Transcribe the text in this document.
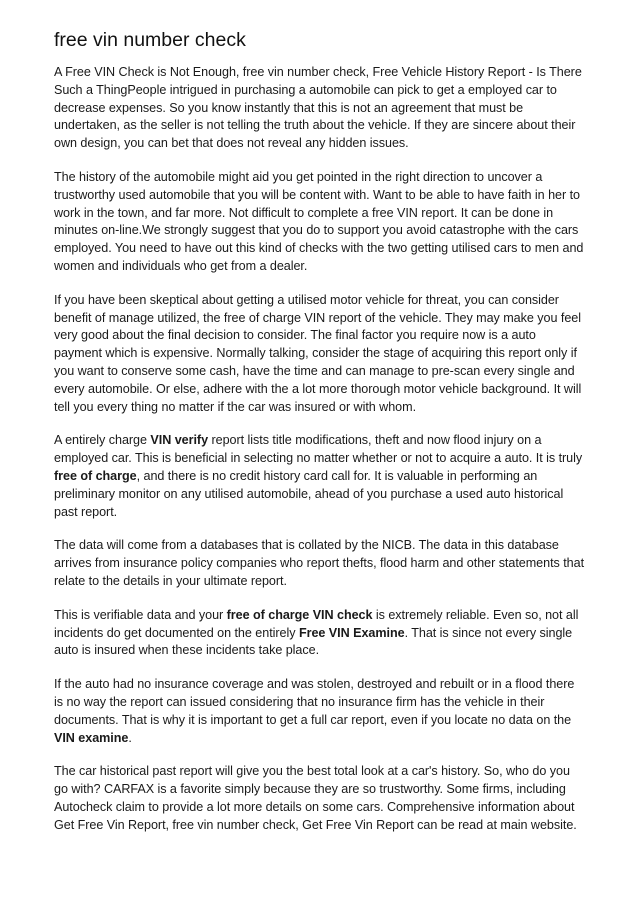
free vin number check

A Free VIN Check is Not Enough, free vin number check, Free Vehicle History Report - Is There Such a ThingPeople intrigued in purchasing a automobile can pick to get a employed car to decrease expenses. So you know instantly that this is not an agreement that must be undertaken, as the seller is not telling the truth about the vehicle. If they are sincere about their own design, you can bet that does not reveal any hidden issues.

The history of the automobile might aid you get pointed in the right direction to uncover a trustworthy used automobile that you will be content with. Want to be able to have faith in her to work in the town, and far more. Not difficult to complete a free VIN report. It can be done in minutes on-line.We strongly suggest that you do to support you avoid catastrophe with the cars employed. You need to have out this kind of checks with the two getting utilised cars to men and women and individuals who get from a dealer.

If you have been skeptical about getting a utilised motor vehicle for threat, you can consider benefit of manage utilized, the free of charge VIN report of the vehicle. They may make you feel very good about the final decision to consider. The final factor you require now is a auto payment which is expensive. Normally talking, consider the stage of acquiring this report only if you want to conserve some cash, have the time and can manage to pre-scan every single and every automobile. Or else, adhere with the a lot more thorough motor vehicle background. It will tell you every thing no matter if the car was insured or with whom.

A entirely charge VIN verify report lists title modifications, theft and now flood injury on a employed car. This is beneficial in selecting no matter whether or not to acquire a auto. It is truly free of charge, and there is no credit history card call for. It is valuable in performing an preliminary monitor on any utilised automobile, ahead of you purchase a used auto historical past report.

The data will come from a databases that is collated by the NICB. The data in this database arrives from insurance policy companies who report thefts, flood harm and other statements that relate to the details in your ultimate report.

This is verifiable data and your free of charge VIN check is extremely reliable. Even so, not all incidents do get documented on the entirely Free VIN Examine. That is since not every single auto is insured when these incidents take place.

If the auto had no insurance coverage and was stolen, destroyed and rebuilt or in a flood there is no way the report can issued considering that no insurance firm has the vehicle in their documents. That is why it is important to get a full car report, even if you locate no data on the VIN examine.

The car historical past report will give you the best total look at a car's history. So, who do you go with? CARFAX is a favorite simply because they are so trustworthy. Some firms, including Autocheck claim to provide a lot more details on some cars. Comprehensive information about Get Free Vin Report, free vin number check, Get Free Vin Report can be read at main website.
